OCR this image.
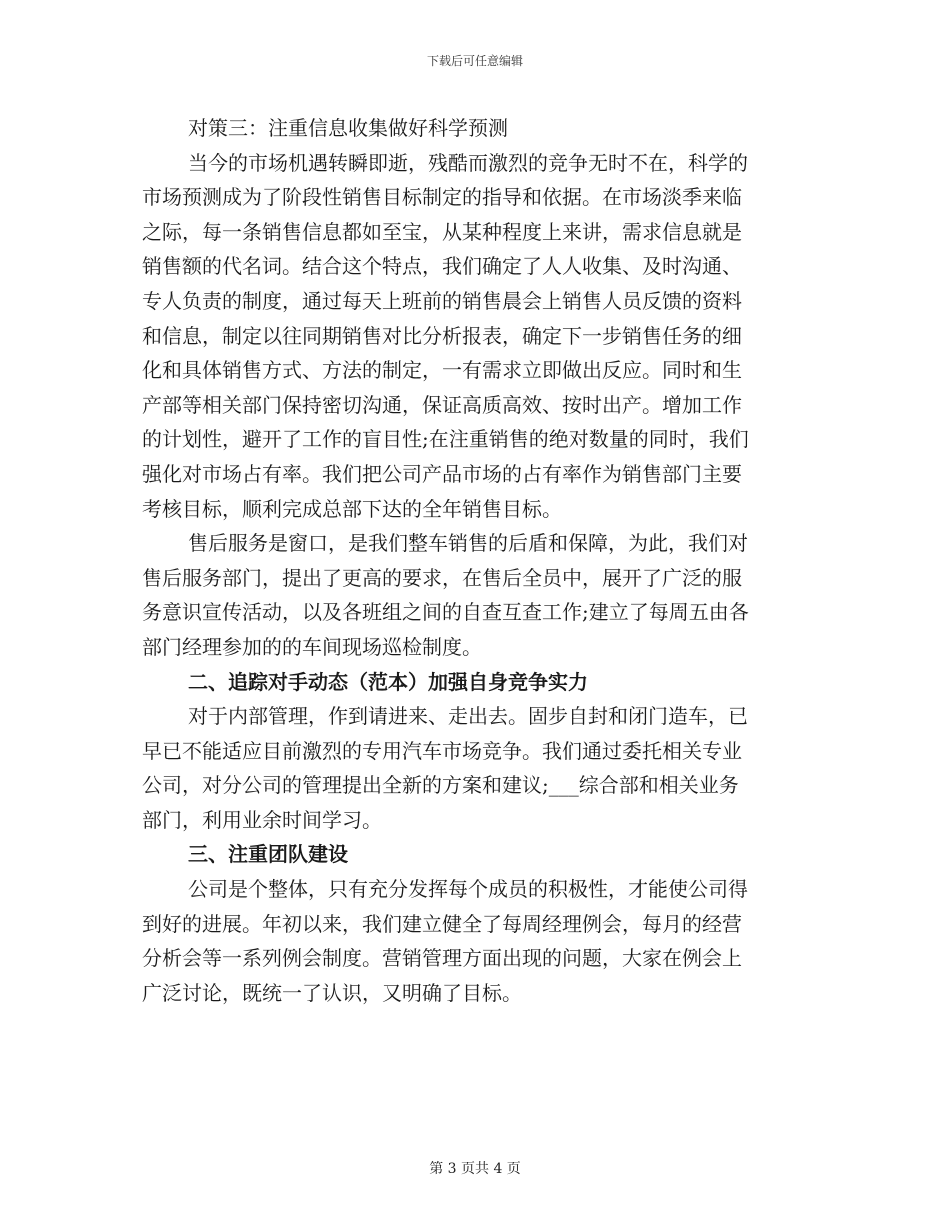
下载后可任意编辑
对策三：注重信息收集做好科学预测
当今的市场机遇转瞬即逝，残酷而激烈的竞争无时不在，科学的
市场预测成为了阶段性销售目标制定的指导和依据。在市场淡季来临
之际，每一条销售信息都如至宝，从某种程度上来讲，需求信息就是
销售额的代名词。结合这个特点，我们确定了人人收集、及时沟通、
专人负责的制度，通过每天上班前的销售晨会上销售人员反馈的资料
和信息，制定以往同期销售对比分析报表，确定下一步销售任务的细
化和具体销售方式、方法的制定，一有需求立即做出反应。同时和生
产部等相关部门保持密切沟通，保证高质高效、按时出产。增加工作
的计划性，避开了工作的盲目性;在注重销售的绝对数量的同时，我们
强化对市场占有率。我们把公司产品市场的占有率作为销售部门主要
考核目标，顺利完成总部下达的全年销售目标。
售后服务是窗口，是我们整车销售的后盾和保障，为此，我们对
售后服务部门，提出了更高的要求，在售后全员中，展开了广泛的服
务意识宣传活动，以及各班组之间的自查互查工作;建立了每周五由各
部门经理参加的的车间现场巡检制度。
二、追踪对手动态（范本）加强自身竞争实力
对于内部管理，作到请进来、走出去。固步自封和闭门造车，已
早已不能适应目前激烈的专用汽车市场竞争。我们通过委托相关专业
公司，对分公司的管理提出全新的方案和建议;___综合部和相关业务
部门，利用业余时间学习。
三、注重团队建设
公司是个整体，只有充分发挥每个成员的积极性，才能使公司得
到好的进展。年初以来，我们建立健全了每周经理例会，每月的经营
分析会等一系列例会制度。营销管理方面出现的问题，大家在例会上
广泛讨论，既统一了认识，又明确了目标。
第 3 页共 4 页
